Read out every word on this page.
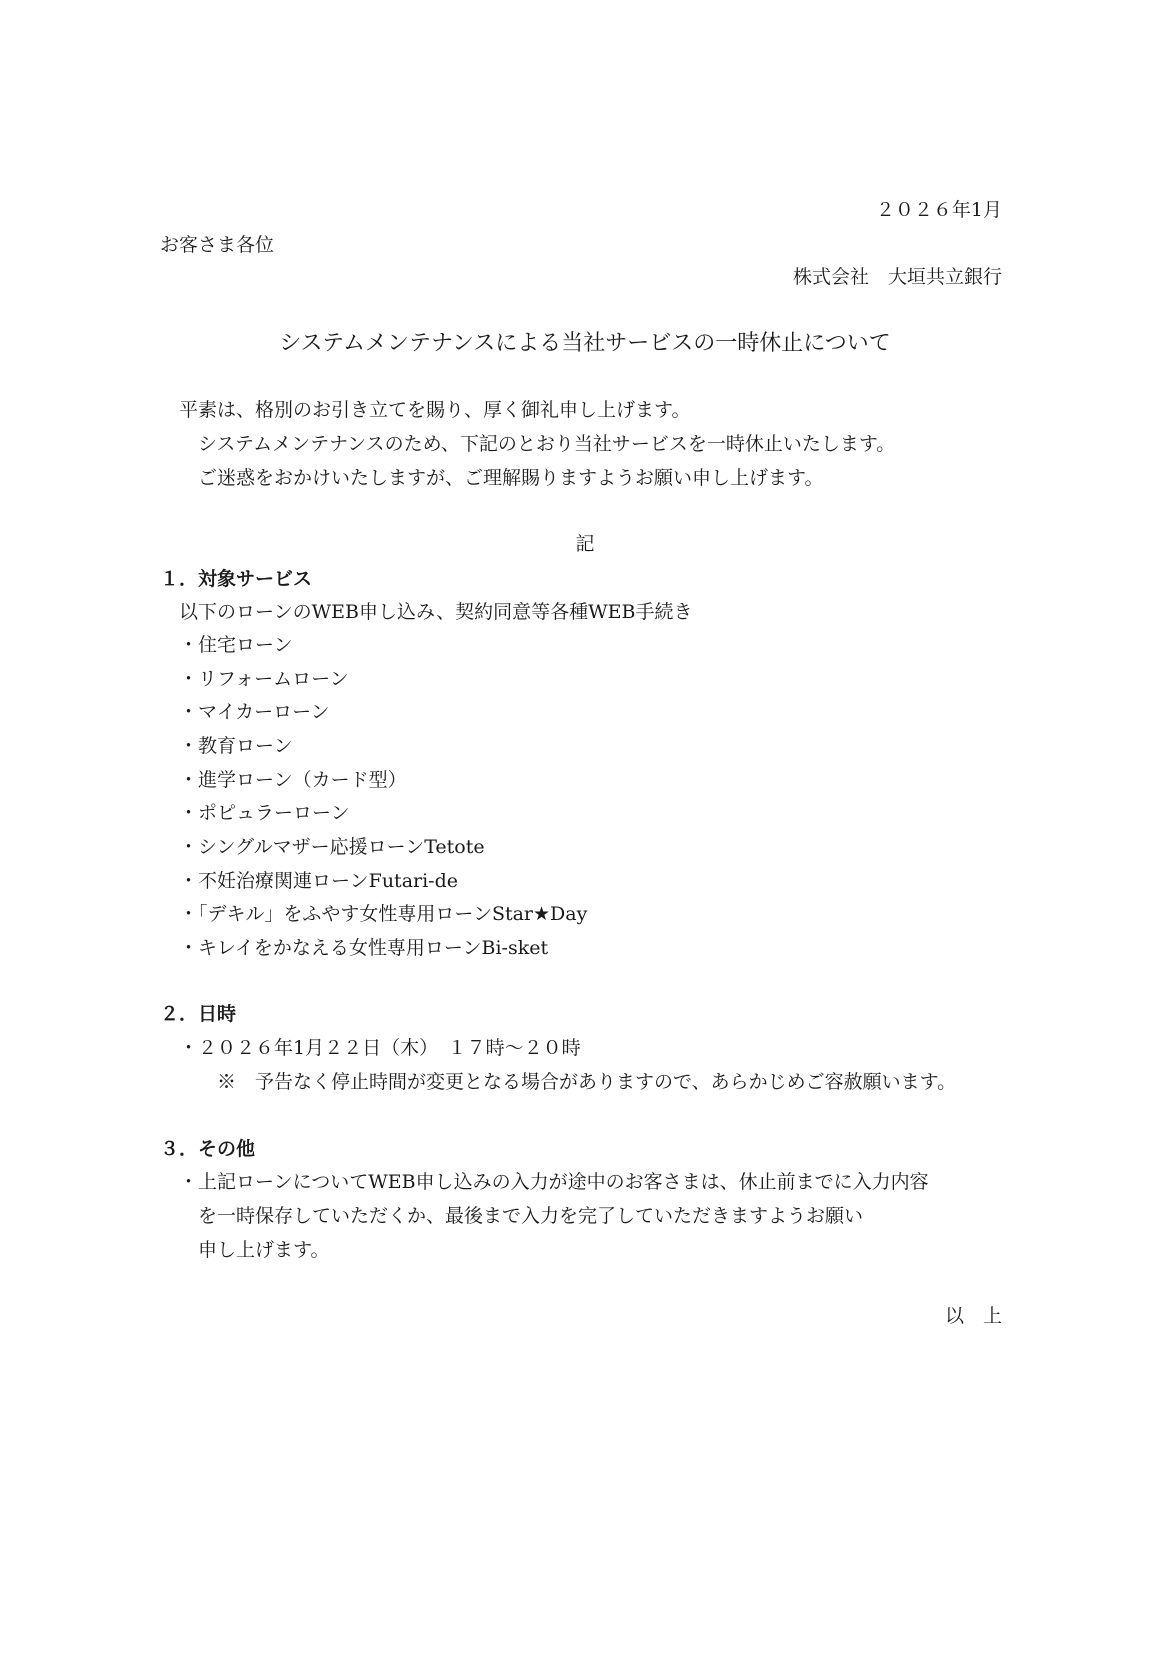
２０２６年1月
お客さま各位
株式会社　大垣共立銀行
システムメンテナンスによる当社サービスの一時休止について
平素は、格別のお引き立てを賜り、厚く御礼申し上げます。
システムメンテナンスのため、下記のとおり当社サービスを一時休止いたします。
ご迷惑をおかけいたしますが、ご理解賜りますようお願い申し上げます。
記
１．対象サービス
以下のローンのWEB申し込み、契約同意等各種WEB手続き
・ 住宅ローン
・ リフォームローン
・ マイカーローン
・ 教育ローン
・ 進学ローン（カード型）
・ ポピュラーローン
・ シングルマザー応援ローンTetote
・ 不妊治療関連ローンFutari-de
・ 「デキル」をふやす女性専用ローンStar★Day
・ キレイをかなえる女性専用ローンBi-sket
２．日時
・ ２０２６年1月２２日（木）　１７時～２０時
※　予告なく停止時間が変更となる場合がありますので、あらかじめご容赦願います。
３．その他
・ 上記ローンについてWEB申し込みの入力が途中のお客さまは、休止前までに入力内容
を一時保存していただくか、最後まで入力を完了していただきますようお願い
申し上げます。
以　上
